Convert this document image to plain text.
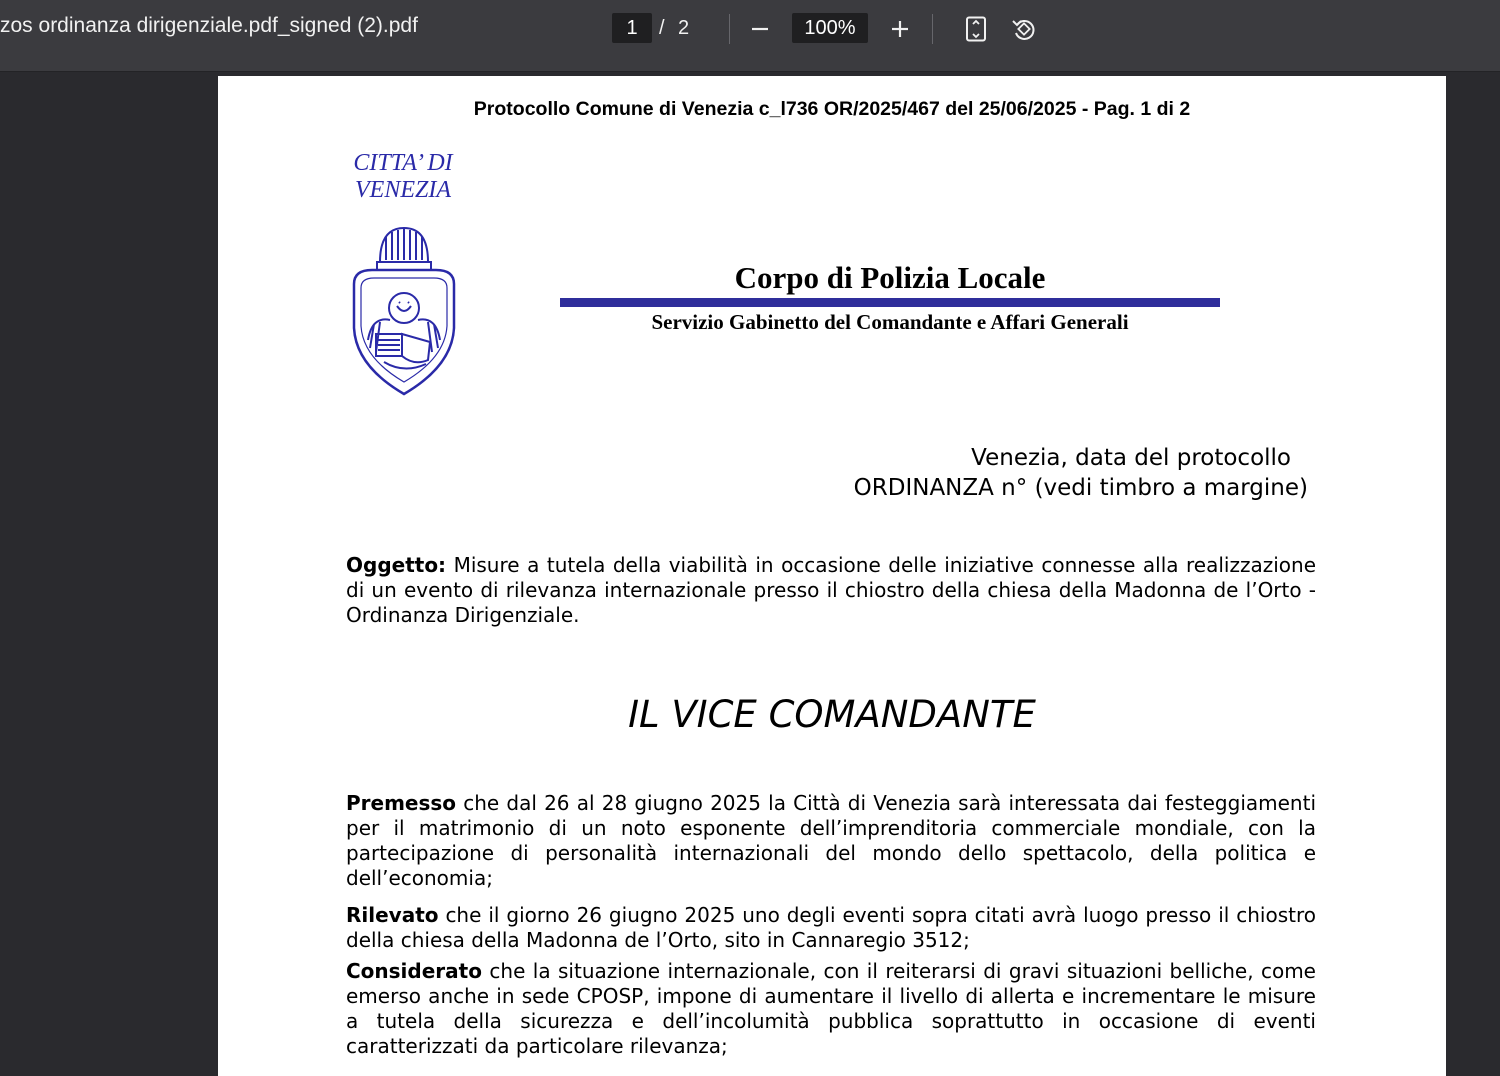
zos ordinanza dirigenziale.pdf_signed (2).pdf	1	/ 2	100%
Protocollo Comune di Venezia c_l736 OR/2025/467 del 25/06/2025 - Pag. 1 di 2
CITTA’ DI
VENEZIA
Corpo di Polizia Locale
Servizio Gabinetto del Comandante e Affari Generali
Venezia, data del protocollo
ORDINANZA n° (vedi timbro a margine)
Oggetto: Misure a tutela della viabilità in occasione delle iniziative connesse alla realizzazione di un evento di rilevanza internazionale presso il chiostro della chiesa della Madonna de l’Orto - Ordinanza Dirigenziale.
IL VICE COMANDANTE
Premesso che dal 26 al 28 giugno 2025 la Città di Venezia sarà interessata dai festeggiamenti per il matrimonio di un noto esponente dell’imprenditoria commerciale mondiale, con la partecipazione di personalità internazionali del mondo dello spettacolo, della politica e dell’economia;
Rilevato che il giorno 26 giugno 2025 uno degli eventi sopra citati avrà luogo presso il chiostro della chiesa della Madonna de l’Orto, sito in Cannaregio 3512;
Considerato che la situazione internazionale, con il reiterarsi di gravi situazioni belliche, come emerso anche in sede CPOSP, impone di aumentare il livello di allerta e incrementare le misure a tutela della sicurezza e dell’incolumità pubblica soprattutto in occasione di eventi caratterizzati da particolare rilevanza;
